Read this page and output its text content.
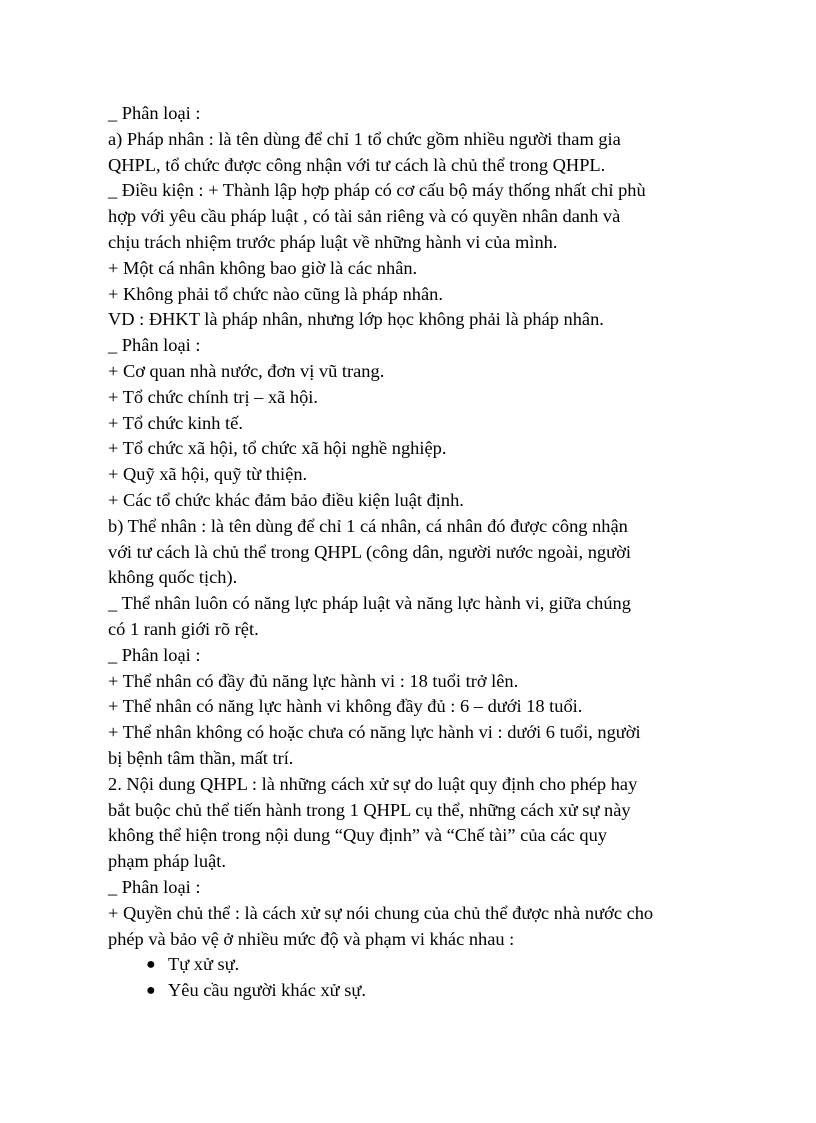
_ Phân loại :

a) Pháp nhân : là tên dùng để chỉ 1 tổ chức gồm nhiều người tham gia

QHPL, tổ chức được công nhận với tư cách là chủ thể trong QHPL.

_ Điều kiện : + Thành lập hợp pháp có cơ cấu bộ máy thống nhất chỉ phù

hợp với yêu cầu pháp luật , có tài sản riêng và có quyền nhân danh và

chịu trách nhiệm trước pháp luật về những hành vi của mình.

+ Một cá nhân không bao giờ là các nhân.

+ Không phải tổ chức nào cũng là pháp nhân.

VD : ĐHKT là pháp nhân, nhưng lớp học không phải là pháp nhân.

_ Phân loại :

+ Cơ quan nhà nước, đơn vị vũ trang.

+ Tổ chức chính trị – xã hội.

+ Tổ chức kinh tế.

+ Tổ chức xã hội, tổ chức xã hội nghề nghiệp.

+ Quỹ xã hội, quỹ từ thiện.

+ Các tổ chức khác đảm bảo điều kiện luật định.

b) Thể nhân : là tên dùng để chỉ 1 cá nhân, cá nhân đó được công nhận

với tư cách là chủ thể trong QHPL (công dân, người nước ngoài, người

không quốc tịch).

_ Thể nhân luôn có năng lực pháp luật và năng lực hành vi, giữa chúng

có 1 ranh giới rõ rệt.

_ Phân loại :

+ Thể nhân có đầy đủ năng lực hành vi : 18 tuổi trở lên.

+ Thể nhân có năng lực hành vi không đầy đủ : 6 – dưới 18 tuổi.

+ Thể nhân không có hoặc chưa có năng lực hành vi : dưới 6 tuổi, người

bị bệnh tâm thần, mất trí.

2. Nội dung QHPL : là những cách xử sự do luật quy định cho phép hay

bắt buộc chủ thể tiến hành trong 1 QHPL cụ thể, những cách xử sự này

không thể hiện trong nội dung “Quy định” và “Chế tài” của các quy

phạm pháp luật.

_ Phân loại :

+ Quyền chủ thể : là cách xử sự nói chung của chủ thể được nhà nước cho

phép và bảo vệ ở nhiều mức độ và phạm vi khác nhau :

● Tự xử sự.
● Yêu cầu người khác xử sự.
